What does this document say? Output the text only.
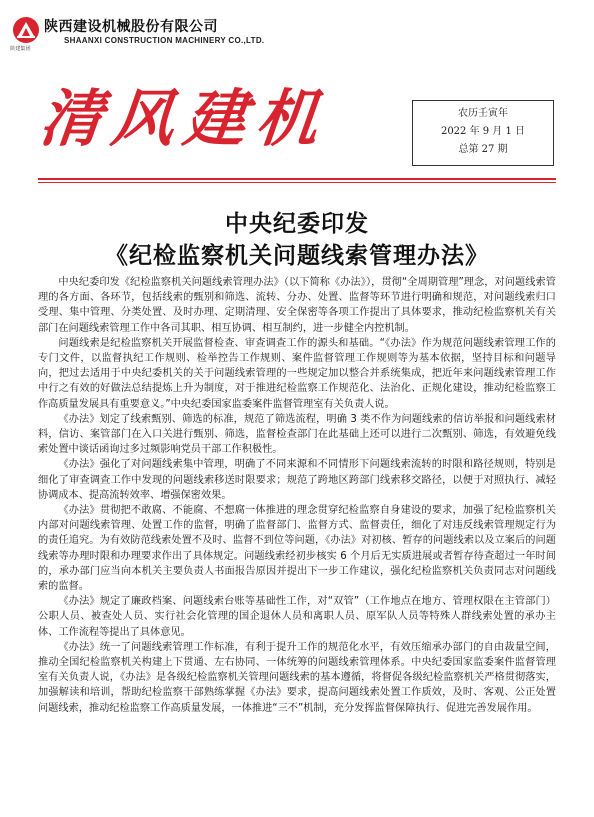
陕建集团
陕西建设机械股份有限公司
SHAANXI CONSTRUCTION MACHINERY CO.,LTD.
清风建机	农历壬寅年
2022 年 9 月 1 日
总第 27 期
中央纪委印发
《纪检监察机关问题线索管理办法》

中央纪委印发《纪检监察机关问题线索管理办法》（以下简称《办法》），贯彻“全周期管理”理念，对问题线索管理的各方面、各环节，包括线索的甄别和筛选、流转、分办、处置、监督等环节进行明确和规范，对问题线索归口受理、集中管理、分类处置、及时办理、定期清理、安全保密等各项工作提出了具体要求，推动纪检监察机关有关部门在问题线索管理工作中各司其职、相互协调、相互制约，进一步健全内控机制。

问题线索是纪检监察机关开展监督检查、审查调查工作的源头和基础。“《办法》作为规范问题线索管理工作的专门文件，以监督执纪工作规则、检举控告工作规则、案件监督管理工作规则等为基本依据，坚持目标和问题导向，把过去适用于中央纪委机关的关于问题线索管理的一些规定加以整合并系统集成，把近年来问题线索管理工作中行之有效的好做法总结提炼上升为制度，对于推进纪检监察工作规范化、法治化、正规化建设，推动纪检监察工作高质量发展具有重要意义。”中央纪委国家监委案件监督管理室有关负责人说。

《办法》划定了线索甄别、筛选的标准，规范了筛选流程，明确 3 类不作为问题线索的信访举报和问题线索材料，信访、案管部门在入口关进行甄别、筛选，监督检查部门在此基础上还可以进行二次甄别、筛选，有效避免线索处置中谈话函询过多过频影响党员干部工作积极性。

《办法》强化了对问题线索集中管理，明确了不同来源和不同情形下问题线索流转的时限和路径规则，特别是细化了审查调查工作中发现的问题线索移送时限要求；规范了跨地区跨部门线索移交路径，以便于对照执行、减轻协调成本、提高流转效率、增强保密效果。

《办法》贯彻把不敢腐、不能腐、不想腐一体推进的理念贯穿纪检监察自身建设的要求，加强了纪检监察机关内部对问题线索管理、处置工作的监督，明确了监督部门、监督方式、监督责任，细化了对违反线索管理规定行为的责任追究。为有效防范线索处置不及时、监督不到位等问题，《办法》对初核、暂存的问题线索以及立案后的问题线索等办理时限和办理要求作出了具体规定。问题线索经初步核实 6 个月后无实质进展或者暂存待查超过一年时间的，承办部门应当向本机关主要负责人书面报告原因并提出下一步工作建议，强化纪检监察机关负责同志对问题线索的监督。

《办法》规定了廉政档案、问题线索台账等基础性工作，对“双管”（工作地点在地方、管理权限在主管部门）公职人员、被查处人员、实行社会化管理的国企退休人员和离职人员、原军队人员等特殊人群线索处置的承办主体、工作流程等提出了具体意见。

《办法》统一了问题线索管理工作标准，有利于提升工作的规范化水平，有效压缩承办部门的自由裁量空间，推动全国纪检监察机关构建上下贯通、左右协同、一体统筹的问题线索管理体系。中央纪委国家监委案件监督管理室有关负责人说，《办法》是各级纪检监察机关管理问题线索的基本遵循，将督促各级纪检监察机关严格贯彻落实，加强解读和培训，帮助纪检监察干部熟练掌握《办法》要求，提高问题线索处置工作质效，及时、客观、公正处置问题线索，推动纪检监察工作高质量发展，一体推进“三不”机制，充分发挥监督保障执行、促进完善发展作用。
